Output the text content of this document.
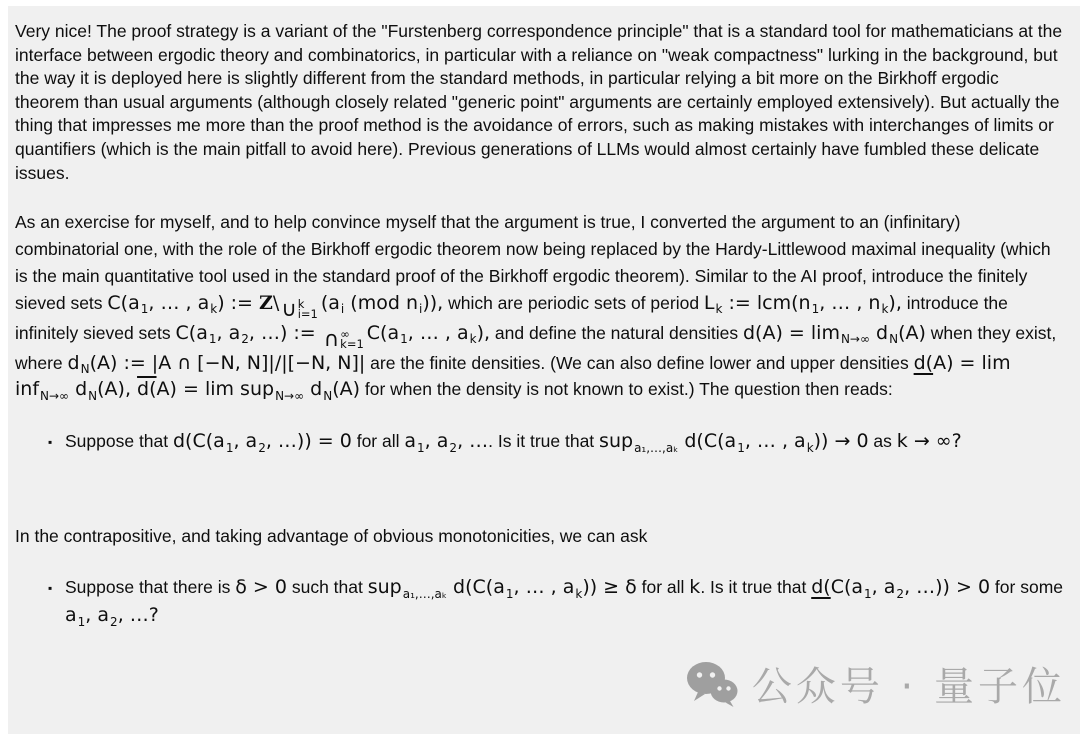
Very nice! The proof strategy is a variant of the "Furstenberg correspondence principle" that is a standard tool for mathematicians at the interface between ergodic theory and combinatorics, in particular with a reliance on "weak compactness" lurking in the background, but the way it is deployed here is slightly different from the standard methods, in particular relying a bit more on the Birkhoff ergodic theorem than usual arguments (although closely related "generic point" arguments are certainly employed extensively). But actually the thing that impresses me more than the proof method is the avoidance of errors, such as making mistakes with interchanges of limits or quantifiers (which is the main pitfall to avoid here). Previous generations of LLMs would almost certainly have fumbled these delicate issues.

As an exercise for myself, and to help convince myself that the argument is true, I converted the argument to an (infinitary) combinatorial one, with the role of the Birkhoff ergodic theorem now being replaced by the Hardy-Littlewood maximal inequality (which is the main quantitative tool used in the standard proof of the Birkhoff ergodic theorem). Similar to the AI proof, introduce the finitely sieved sets $C(a_1$, … , $a_k$) := Z\ ∪ k
i=1
($a_i$ (mod $n_i$)), which are periodic sets of period $L_k$ := $lcm(n_1$, … , $n_k$), introduce the infinitely sieved sets $C(a_1$, $a_2$, …) := ∩ ∞
k=1
$C(a_1$, … , $a_k$), and define the natural densities $d(A) = \lim_{N\to\infty} d_N(A)$ when they exist, where $d_N(A)$ := |A ∩ [−N, N]|/|[−N, N]| are the finite densities. (We can also define lower and upper densities d(A) = lim inf$_{N\to\infty}$ $d_N(A)$, d(A) = lim sup$_{N\to\infty}$ $d_N(A)$ for when the density is not known to exist.) The question then reads:

▪ Suppose that $d(C(a_1$, $a_2$, …)) = 0 for all $a_1$, $a_2$, …. Is it true that sup$_{a_1,\dots,a_k}$ $d(C(a_1$, … , $a_k)) \to 0$ as k → ∞?

In the contrapositive, and taking advantage of obvious monotonicities, we can ask

▪ Suppose that there is δ > 0 such that sup$_{a_1,\dots,a_k}$ $d(C(a_1$, … , $a_k)) \ge \delta$ for all k. Is it true that $d(C(a_1$, $a_2$, …)) > 0 for some $a_1$, $a_2$, …?
公众号 · 量子位
